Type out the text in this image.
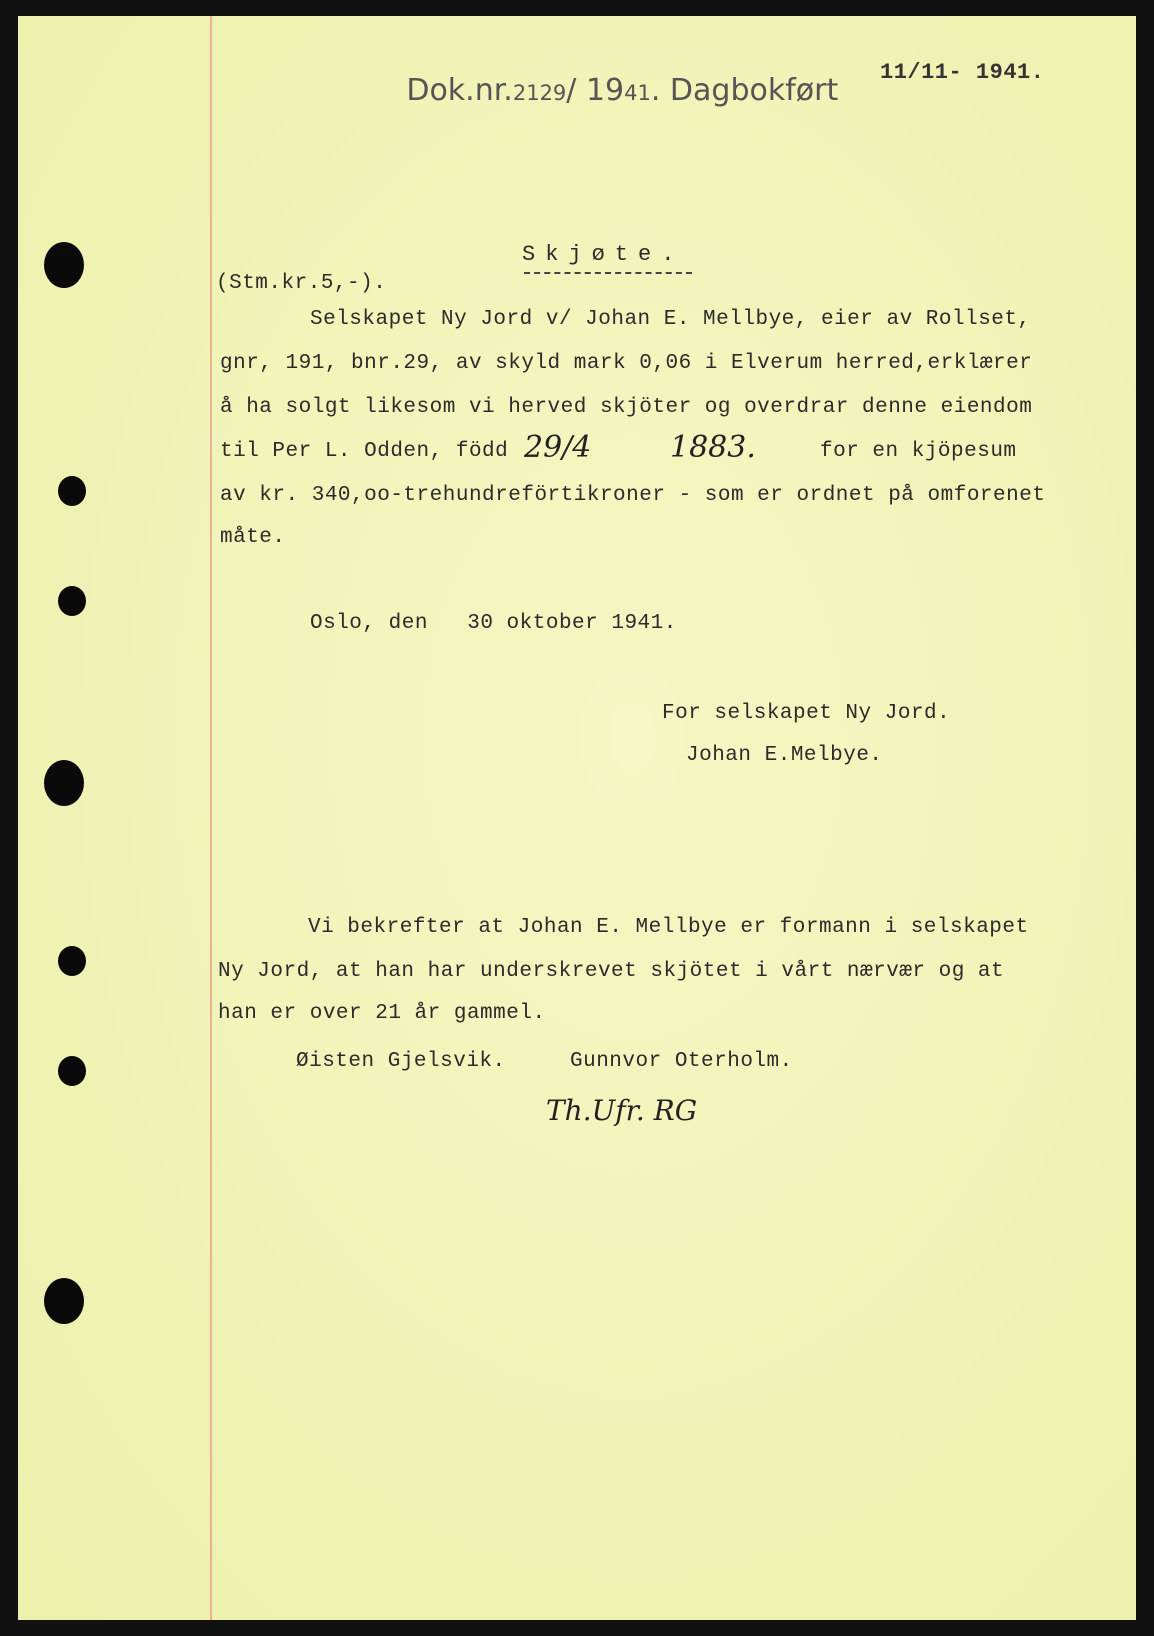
Dok.nr.2129/ 1941. Dagbokført

11/11- 1941.
Skjøte.
(Stm.kr.5,-).
Selskapet Ny Jord v/ Johan E. Mellbye, eier av Rollset,
gnr, 191, bnr.29, av skyld mark 0,06 i Elverum herred,erklærer
å ha solgt likesom vi herved skjöter og overdrar denne eiendom
til Per L. Odden, född 29/4	1883.	for en kjöpesum
av kr. 340,oo-trehundreförtikroner - som er ordnet på omforenet
måte.
Oslo, den   30 oktober 1941.
For selskapet Ny Jord.
Johan E.Melbye.
Vi bekrefter at Johan E. Mellbye er formann i selskapet
Ny Jord, at han har underskrevet skjötet i vårt nærvær og at
han er over 21 år gammel.
Øisten Gjelsvik.	Gunnvor Oterholm.
Th.Ufr. RG
